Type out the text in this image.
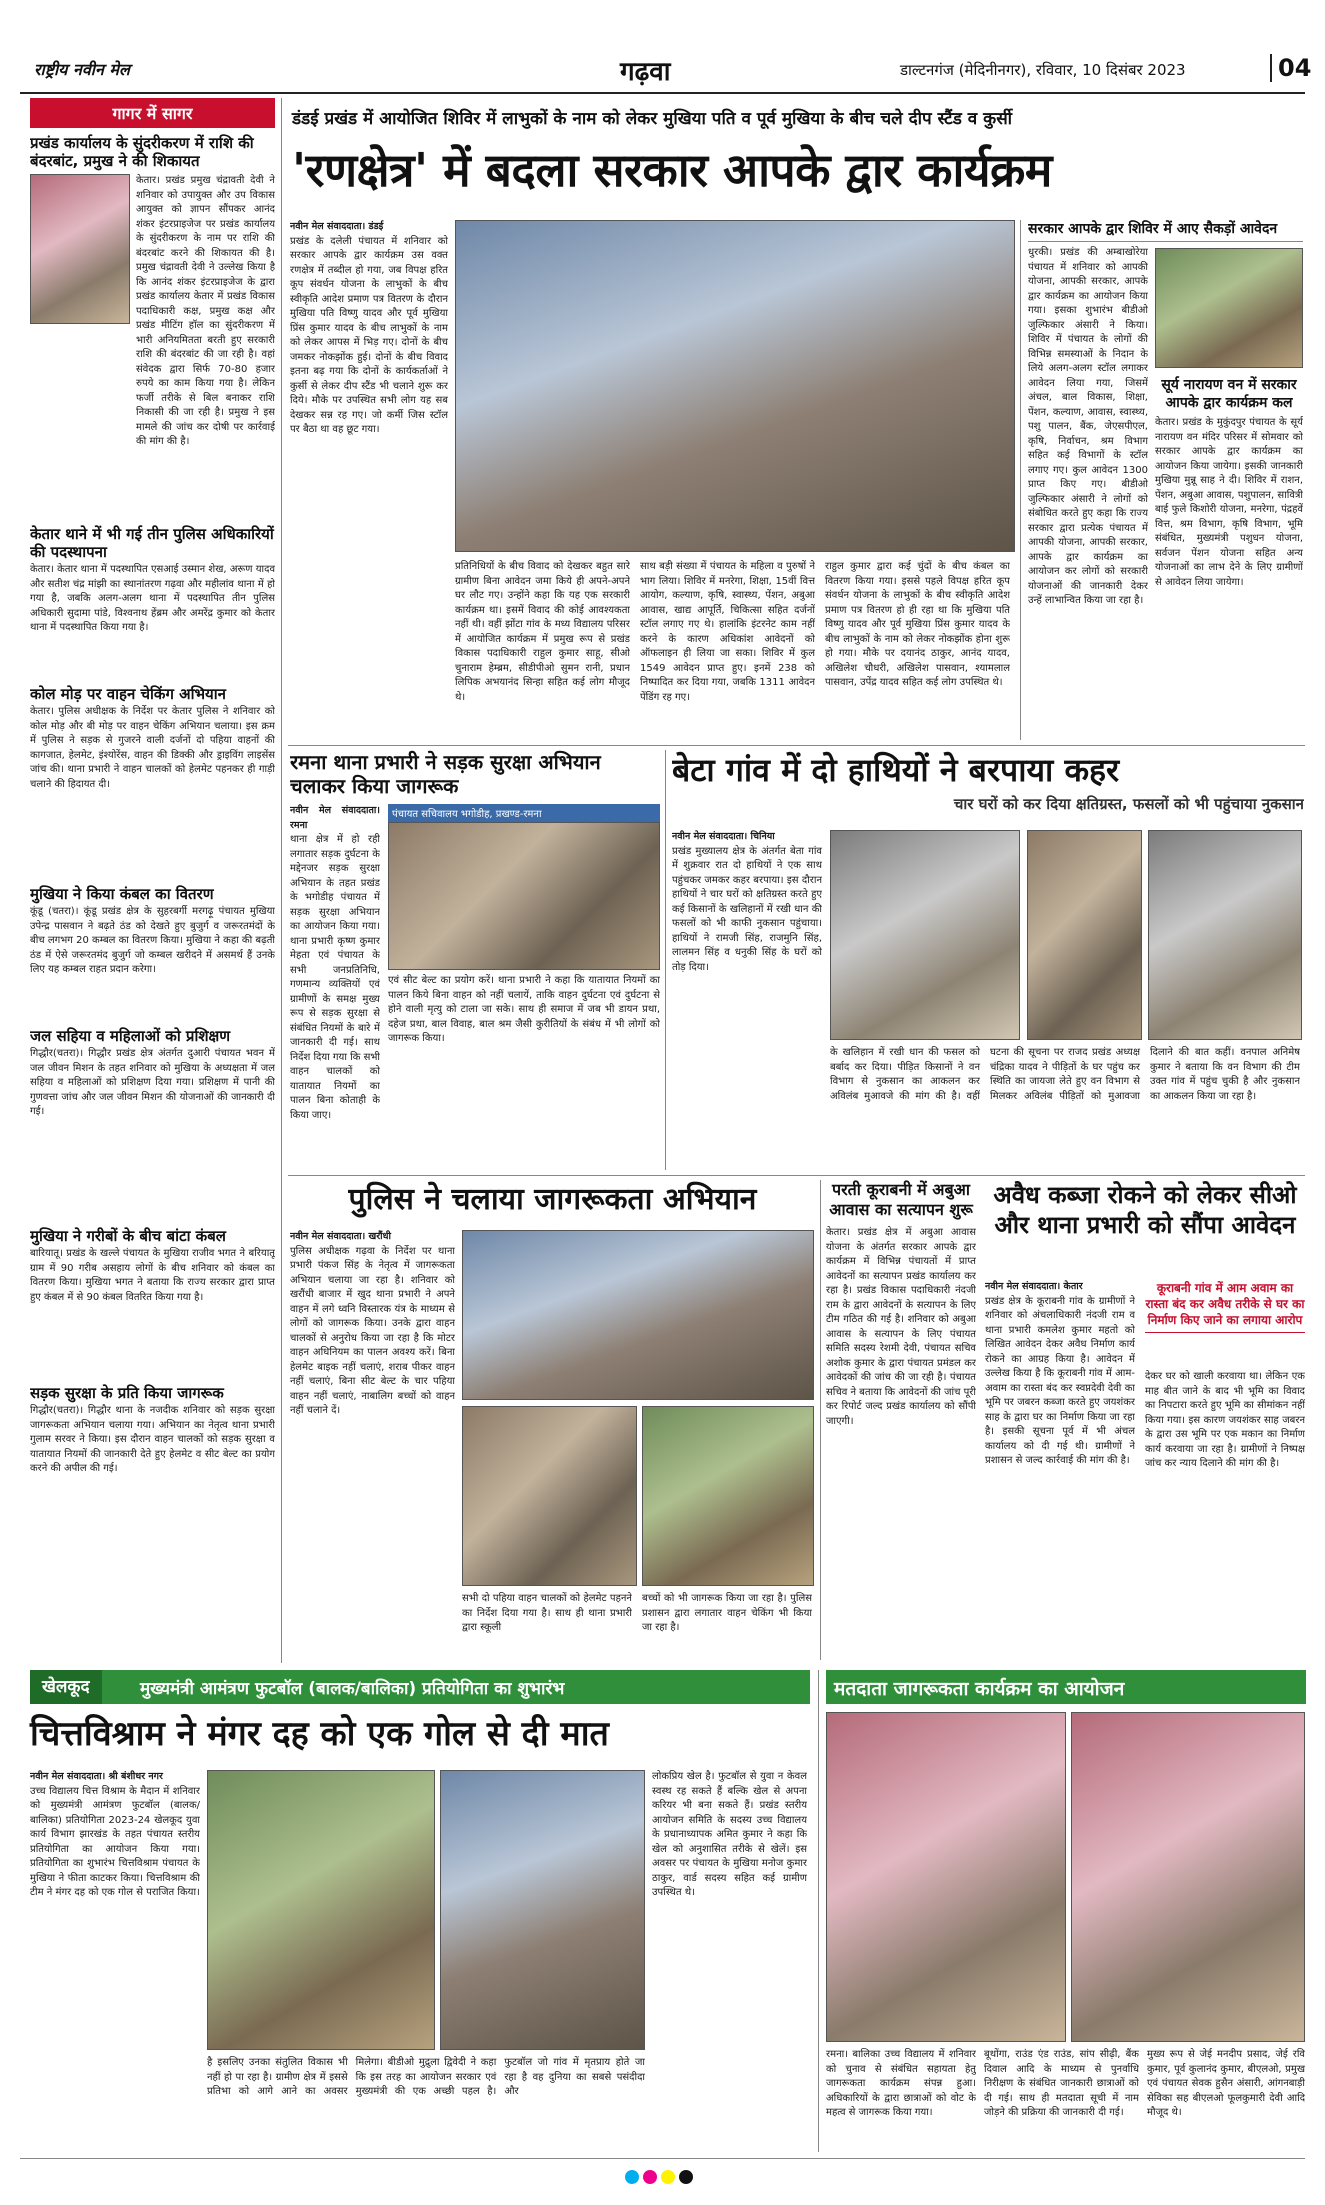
राष्ट्रीय नवीन मेल	गढ़वा	डाल्टनगंज (मेदिनीनगर), रविवार, 10 दिसंबर 2023	04
गागर में सागर
प्रखंड कार्यालय के सुंदरीकरण में राशि की बंदरबांट, प्रमुख ने की शिकायत
केतार। प्रखंड प्रमुख चंद्रावती देवी ने शनिवार को उपायुक्त और उप विकास आयुक्त को ज्ञापन सौंपकर आनंद शंकर इंटरप्राइजेज पर प्रखंड कार्यालय के सुंदरीकरण के नाम पर राशि की बंदरबांट करने की शिकायत की है। प्रमुख चंद्रावती देवी ने उल्लेख किया है कि आनंद शंकर इंटरप्राइजेज के द्वारा प्रखंड कार्यालय केतार में प्रखंड विकास पदाधिकारी कक्ष, प्रमुख कक्ष और प्रखंड मीटिंग हॉल का सुंदरीकरण में भारी अनियमितता बरती हुए सरकारी राशि की बंदरबांट की जा रही है। वहां संवेदक द्वारा सिर्फ 70-80 हजार रुपये का काम किया गया है। लेकिन फर्जी तरीके से बिल बनाकर राशि निकासी की जा रही है। प्रमुख ने इस मामले की जांच कर दोषी पर कार्रवाई की मांग की है।
केतार थाने में भी गई तीन पुलिस अधिकारियों की पदस्थापना
केतार। केतार थाना में पदस्थापित एसआई उस्मान शेख, अरूण यादव और सतीश चंद्र मांझी का स्थानांतरण गढ़वा और महीलांव थाना में हो गया है, जबकि अलग-अलग थाना में पदस्थापित तीन पुलिस अधिकारी सुदामा पांडे, विश्वनाथ हेंब्रम और अमरेंद्र कुमार को केतार थाना में पदस्थापित किया गया है।
कोल मोड़ पर वाहन चेकिंग अभियान
केतार। पुलिस अधीक्षक के निर्देश पर केतार पुलिस ने शनिवार को कोल मोड़ और बी मोड़ पर वाहन चेकिंग अभियान चलाया। इस क्रम में पुलिस ने सड़क से गुजरने वाली दर्जनों दो पहिया वाहनों की कागजात, हेलमेट, इंश्योरेंस, वाहन की डिक्की और ड्राइविंग लाइसेंस जांच की। थाना प्रभारी ने वाहन चालकों को हेलमेट पहनकर ही गाड़ी चलाने की हिदायत दी।
मुखिया ने किया कंबल का वितरण
कूंडू (चतरा)। कूंडू प्रखंड क्षेत्र के सुहरबर्गी मरगढ़ू पंचायत मुखिया उपेन्द्र पासवान ने बढ़ते ठंड को देखते हुए बुजुर्ग व जरूरतमंदों के बीच लगभग 20 कम्बल का वितरण किया। मुखिया ने कहा की बढ़ती ठंड में ऐसे जरूरतमंद बुजुर्ग जो कम्बल खरीदने में असमर्थ हैं उनके लिए यह कम्बल राहत प्रदान करेगा।
जल सहिया व महिलाओं को प्रशिक्षण
गिद्धौर(चतरा)। गिद्धौर प्रखंड क्षेत्र अंतर्गत दुआरी पंचायत भवन में जल जीवन मिशन के तहत शनिवार को मुखिया के अध्यक्षता में जल सहिया व महिलाओं को प्रशिक्षण दिया गया। प्रशिक्षण में पानी की गुणवत्ता जांच और जल जीवन मिशन की योजनाओं की जानकारी दी गई।
मुखिया ने गरीबों के बीच बांटा कंबल
बारियातू। प्रखंड के खल्ले पंचायत के मुखिया राजीव भगत ने बरियातू ग्राम में 90 गरीब असहाय लोगों के बीच शनिवार को कंबल का वितरण किया। मुखिया भगत ने बताया कि राज्य सरकार द्वारा प्राप्त हुए कंबल में से 90 कंबल वितरित किया गया है।
सड़क सुरक्षा के प्रति किया जागरूक
गिद्धौर(चतरा)। गिद्धौर थाना के नजदीक शनिवार को सड़क सुरक्षा जागरूकता अभियान चलाया गया। अभियान का नेतृत्व थाना प्रभारी गुलाम सरवर ने किया। इस दौरान वाहन चालकों को सड़क सुरक्षा व यातायात नियमों की जानकारी देते हुए हेलमेट व सीट बेल्ट का प्रयोग करने की अपील की गई।
डंडई प्रखंड में आयोजित शिविर में लाभुकों के नाम को लेकर मुखिया पति व पूर्व मुखिया के बीच चले दीप स्टैंड व कुर्सी
'रणक्षेत्र' में बदला सरकार आपके द्वार कार्यक्रम
नवीन मेल संवाददाता। डंडई
प्रखंड के दलेली पंचायत में शनिवार को सरकार आपके द्वार कार्यक्रम उस वक्त रणक्षेत्र में तब्दील हो गया, जब विपक्ष हरित कूप संवर्धन योजना के लाभुकों के बीच स्वीकृति आदेश प्रमाण पत्र वितरण के दौरान मुखिया पति विष्णु यादव और पूर्व मुखिया प्रिंस कुमार यादव के बीच लाभुकों के नाम को लेकर आपस में भिड़ गए। दोनों के बीच जमकर नोकझोंक हुई। दोनों के बीच विवाद इतना बढ़ गया कि दोनों के कार्यकर्ताओं ने कुर्सी से लेकर दीप स्टैंड भी चलाने शुरू कर दिये। मौके पर उपस्थित सभी लोग यह सब देखकर सन्न रह गए। जो कर्मी जिस स्टॉल पर बैठा था वह छूट गया।
प्रतिनिधियों के बीच विवाद को देखकर बहुत सारे ग्रामीण बिना आवेदन जमा किये ही अपने-अपने घर लौट गए। उन्होंने कहा कि यह एक सरकारी कार्यक्रम था। इसमें विवाद की कोई आवश्यकता नहीं थी। वहीं झोंटा गांव के मध्य विद्यालय परिसर में आयोजित कार्यक्रम में प्रमुख रूप से प्रखंड विकास पदाधिकारी राहुल कुमार साहू, सीओ चुनाराम हेम्ब्रम, सीडीपीओ सुमन रानी, प्रधान लिपिक अभयानंद सिन्हा सहित कई लोग मौजूद थे।
साथ बड़ी संख्या में पंचायत के महिला व पुरुषों ने भाग लिया। शिविर में मनरेगा, शिक्षा, 15वीं वित्त आयोग, कल्याण, कृषि, स्वास्थ्य, पेंशन, अबुआ आवास, खाद्य आपूर्ति, चिकित्सा सहित दर्जनों स्टॉल लगाए गए थे। हालांकि इंटरनेट काम नहीं करने के कारण अधिकांश आवेदनों को ऑफलाइन ही लिया जा सका। शिविर में कुल 1549 आवेदन प्राप्त हुए। इनमें 238 को निष्पादित कर दिया गया, जबकि 1311 आवेदन पेंडिंग रह गए।
राहुल कुमार द्वारा कई चुंदों के बीच कंबल का वितरण किया गया। इससे पहले विपक्ष हरित कूप संवर्धन योजना के लाभुकों के बीच स्वीकृति आदेश प्रमाण पत्र वितरण हो ही रहा था कि मुखिया पति विष्णु यादव और पूर्व मुखिया प्रिंस कुमार यादव के बीच लाभुकों के नाम को लेकर नोकझोंक होना शुरू हो गया। मौके पर दयानंद ठाकुर, आनंद यादव, अखिलेश चौधरी, अखिलेश पासवान, श्यामलाल पासवान, उपेंद्र यादव सहित कई लोग उपस्थित थे।
सरकार आपके द्वार शिविर में आए सैकड़ों आवेदन
धुरकी। प्रखंड की अम्बाखोरेया पंचायत में शनिवार को आपकी योजना, आपकी सरकार, आपके द्वार कार्यक्रम का आयोजन किया गया। इसका शुभारंभ बीडीओ जुल्फिकार अंसारी ने किया। शिविर में पंचायत के लोगों की विभिन्न समस्याओं के निदान के लिये अलग-अलग स्टॉल लगाकर आवेदन लिया गया, जिसमें अंचल, बाल विकास, शिक्षा, पेंशन, कल्याण, आवास, स्वास्थ्य, पशु पालन, बैंक, जेएसपीएल, कृषि, निर्वाचन, श्रम विभाग सहित कई विभागों के स्टॉल लगाए गए। कुल आवेदन 1300 प्राप्त किए गए। बीडीओ जुल्फिकार अंसारी ने लोगों को संबोधित करते हुए कहा कि राज्य सरकार द्वारा प्रत्येक पंचायत में आपकी योजना, आपकी सरकार, आपके द्वार कार्यक्रम का आयोजन कर लोगों को सरकारी योजनाओं की जानकारी देकर उन्हें लाभान्वित किया जा रहा है।
सूर्य नारायण वन में सरकार आपके द्वार कार्यक्रम कल
केतार। प्रखंड के मुकुंदपुर पंचायत के सूर्य नारायण वन मंदिर परिसर में सोमवार को सरकार आपके द्वार कार्यक्रम का आयोजन किया जायेगा। इसकी जानकारी मुखिया मुन्नू साह ने दी। शिविर में राशन, पेंशन, अबुआ आवास, पशुपालन, सावित्री बाई फुले किशोरी योजना, मनरेगा, पंद्रहवें वित्त, श्रम विभाग, कृषि विभाग, भूमि संबंधित, मुख्यमंत्री पशुधन योजना, सर्वजन पेंशन योजना सहित अन्य योजनाओं का लाभ देने के लिए ग्रामीणों से आवेदन लिया जायेगा।
रमना थाना प्रभारी ने सड़क सुरक्षा अभियान चलाकर किया जागरूक
नवीन मेल संवाददाता। रमना
थाना क्षेत्र में हो रही लगातार सड़क दुर्घटना के मद्देनजर सड़क सुरक्षा अभियान के तहत प्रखंड के भगोडीह पंचायत में सड़क सुरक्षा अभियान का आयोजन किया गया। थाना प्रभारी कृष्ण कुमार मेहता एवं पंचायत के सभी जनप्रतिनिधि, गणमान्य व्यक्तियों एवं ग्रामीणों के समक्ष मुख्य रूप से सड़क सुरक्षा से संबंधित नियमों के बारे में जानकारी दी गई। साथ निर्देश दिया गया कि सभी वाहन चालकों को यातायात नियमों का पालन बिना कोताही के किया जाए।
पंचायत सचिवालय भगोडीह, प्रखण्ड-रमना
एवं सीट बेल्ट का प्रयोग करें। थाना प्रभारी ने कहा कि यातायात नियमों का पालन किये बिना वाहन को नहीं चलायें, ताकि वाहन दुर्घटना एवं दुर्घटना से होने वाली मृत्यु को टाला जा सके। साथ ही समाज में जब भी डायन प्रथा, दहेज प्रथा, बाल विवाह, बाल श्रम जैसी कुरीतियों के संबंध में भी लोगों को जागरूक किया।
बेटा गांव में दो हाथियों ने बरपाया कहर
चार घरों को कर दिया क्षतिग्रस्त, फसलों को भी पहुंचाया नुकसान
नवीन मेल संवाददाता। चिनिया
प्रखंड मुख्यालय क्षेत्र के अंतर्गत बेता गांव में शुक्रवार रात दो हाथियों ने एक साथ पहुंचकर जमकर कहर बरपाया। इस दौरान हाथियों ने चार घरों को क्षतिग्रस्त करते हुए कई किसानों के खलिहानों में रखी धान की फसलों को भी काफी नुकसान पहुंचाया। हाथियों ने रामजी सिंह, राजमुनि सिंह, लालमन सिंह व धनुकी सिंह के घरों को तोड़ दिया।
के खलिहान में रखी धान की फसल को बर्बाद कर दिया। पीड़ित किसानों ने वन विभाग से नुकसान का आकलन कर अविलंब मुआवजे की मांग की है। वहीं घटना की सूचना पर राजद प्रखंड अध्यक्ष चंद्रिका यादव ने पीड़ितों के घर पहुंच कर स्थिति का जायजा लेते हुए वन विभाग से मिलकर अविलंब पीड़ितों को मुआवजा दिलाने की बात कहीं। वनपाल अनिमेष कुमार ने बताया कि वन विभाग की टीम उक्त गांव में पहुंच चुकी है और नुकसान का आकलन किया जा रहा है।
पुलिस ने चलाया जागरूकता अभियान
नवीन मेल संवाददाता। खरौंधी
पुलिस अधीक्षक गढ़वा के निर्देश पर थाना प्रभारी पंकज सिंह के नेतृत्व में जागरूकता अभियान चलाया जा रहा है। शनिवार को खरौंधी बाजार में खुद थाना प्रभारी ने अपने वाहन में लगे ध्वनि विस्तारक यंत्र के माध्यम से लोगों को जागरूक किया। उनके द्वारा वाहन चालकों से अनुरोध किया जा रहा है कि मोटर वाहन अधिनियम का पालन अवश्य करें। बिना हेलमेट बाइक नहीं चलाएं, शराब पीकर वाहन नहीं चलाएं, बिना सीट बेल्ट के चार पहिया वाहन नहीं चलाएं, नाबालिग बच्चों को वाहन नहीं चलाने दें।
सभी दो पहिया वाहन चालकों को हेलमेट पहनने का निर्देश दिया गया है। साथ ही थाना प्रभारी द्वारा स्कूली
बच्चों को भी जागरूक किया जा रहा है। पुलिस प्रशासन द्वारा लगातार वाहन चेकिंग भी किया जा रहा है।
परती कूराबनी में अबुआ आवास का सत्यापन शुरू
केतार। प्रखंड क्षेत्र में अबुआ आवास योजना के अंतर्गत सरकार आपके द्वार कार्यक्रम में विभिन्न पंचायतों में प्राप्त आवेदनों का सत्यापन प्रखंड कार्यालय कर रहा है। प्रखंड विकास पदाधिकारी नंदजी राम के द्वारा आवेदनों के सत्यापन के लिए टीम गठित की गई है। शनिवार को अबुआ आवास के सत्यापन के लिए पंचायत समिति सदस्य रेशमी देवी, पंचायत सचिव अशोक कुमार के द्वारा पंचायत प्रमंडल कर आवेदकों की जांच की जा रही है। पंचायत सचिव ने बताया कि आवेदनों की जांच पूरी कर रिपोर्ट जल्द प्रखंड कार्यालय को सौंपी जाएगी।
अवैध कब्जा रोकने को लेकर सीओ और थाना प्रभारी को सौंपा आवेदन
नवीन मेल संवाददाता। केतार
प्रखंड क्षेत्र के कूराबनी गांव के ग्रामीणों ने शनिवार को अंचलाधिकारी नंदजी राम व थाना प्रभारी कमलेश कुमार महतो को लिखित आवेदन देकर अवैध निर्माण कार्य रोकने का आग्रह किया है। आवेदन में उल्लेख किया है कि कूराबनी गांव में आम-अवाम का रास्ता बंद कर स्वप्नदेवी देवी का भूमि पर जबरन कब्जा करते हुए जयशंकर साह के द्वारा घर का निर्माण किया जा रहा है। इसकी सूचना पूर्व में भी अंचल कार्यालय को दी गई थी। ग्रामीणों ने प्रशासन से जल्द कार्रवाई की मांग की है।
कूराबनी गांव में आम अवाम का रास्ता बंद कर अवैध तरीके से घर का निर्माण किए जाने का लगाया आरोप
देकर घर को खाली करवाया था। लेकिन एक माह बीत जाने के बाद भी भूमि का विवाद का निपटारा करते हुए भूमि का सीमांकन नहीं किया गया। इस कारण जयशंकर साह जबरन के द्वारा उस भूमि पर एक मकान का निर्माण कार्य करवाया जा रहा है। ग्रामीणों ने निष्पक्ष जांच कर न्याय दिलाने की मांग की है।
खेलकूद	मुख्यमंत्री आमंत्रण फुटबॉल (बालक/बालिका) प्रतियोगिता का शुभारंभ
चित्तविश्राम ने मंगर दह को एक गोल से दी मात
नवीन मेल संवाददाता। श्री बंशीधर नगर
उच्च विद्यालय चित्त विश्राम के मैदान में शनिवार को मुख्यमंत्री आमंत्रण फुटबॉल (बालक/बालिका) प्रतियोगिता 2023-24 खेलकूद युवा कार्य विभाग झारखंड के तहत पंचायत स्तरीय प्रतियोगिता का आयोजन किया गया। प्रतियोगिता का शुभारंभ चित्तविश्राम पंचायत के मुखिया ने फीता काटकर किया। चित्तविश्राम की टीम ने मंगर दह को एक गोल से पराजित किया।
है इसलिए उनका संतुलित विकास भी नहीं हो पा रहा है। ग्रामीण क्षेत्र में इससे प्रतिभा को आगे आने का अवसर मिलेगा। बीडीओ मुद्रुला द्विवेदी ने कहा कि इस तरह का आयोजन सरकार एवं मुख्यमंत्री की एक अच्छी पहल है। फुटबॉल जो गांव में मृतप्राय होते जा रहा है वह दुनिया का सबसे पसंदीदा और
लोकप्रिय खेल है। फुटबॉल से युवा न केवल स्वस्थ रह सकते हैं बल्कि खेल से अपना करियर भी बना सकते हैं। प्रखंड स्तरीय आयोजन समिति के सदस्य उच्च विद्यालय के प्रधानाध्यापक अमित कुमार ने कहा कि खेल को अनुशासित तरीके से खेलें। इस अवसर पर पंचायत के मुखिया मनोज कुमार ठाकुर, वार्ड सदस्य सहित कई ग्रामीण उपस्थित थे।
मतदाता जागरूकता कार्यक्रम का आयोजन
रमना। बालिका उच्च विद्यालय में शनिवार को चुनाव से संबंधित सहायता हेतु जागरूकता कार्यक्रम संपन्न हुआ। अधिकारियों के द्वारा छात्राओं को वोट के महत्व से जागरूक किया गया।
बूथोंगा, राउंड एंड राउंड, सांप सीढ़ी, बैंक दिवाल आदि के माध्यम से पुनर्वाधि निरीक्षण के संबंधित जानकारी छात्राओं को दी गई। साथ ही मतदाता सूची में नाम जोड़ने की प्रक्रिया की जानकारी दी गई।
मुख्य रूप से जेई मनदीप प्रसाद, जेई रवि कुमार, पूर्व कुलानंद कुमार, बीएलओ, प्रमुख एवं पंचायत सेवक हुसैन अंसारी, आंगनबाड़ी सेविका सह बीएलओ फूलकुमारी देवी आदि मौजूद थे।
